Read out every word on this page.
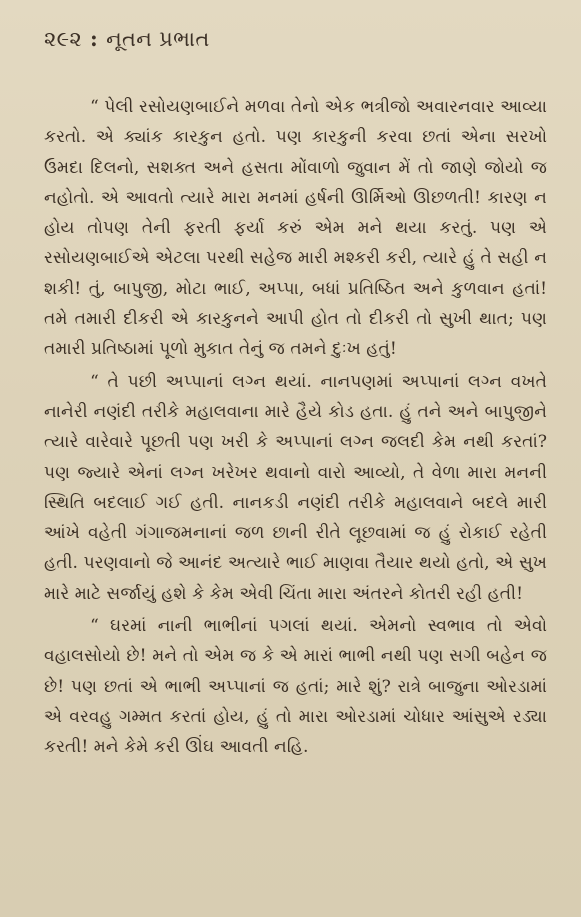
૨૯૨ : નૂતન પ્રભાત

“ પેલી રસોયણબાઈને મળવા તેનો એક ભત્રીજો અવારનવાર આવ્યા કરતો. એ ક્યાંક કારકુન હતો. પણ કારકુની કરવા છતાં એના સરખો ઉમદા દિલનો, સશક્ત અને હસતા મોંવાળો જુવાન મેં તો જાણે જોયો જ નહોતો. એ આવતો ત્યારે મારા મનમાં હર્ષની ઊર્મિઓ ઊછળતી! કારણ ન હોય તોપણ તેની ફરતી ફર્યા કરું એમ મને થયા કરતું. પણ એ રસોયણબાઈએ એટલા પરથી સહેજ મારી મશ્કરી કરી, ત્યારે હું તે સહી ન શકી! તું, બાપુજી, મોટા ભાઈ, અપ્પા, બધાં પ્રતિષ્ઠિત અને કુળવાન હતાં! તમે તમારી દીકરી એ કારકુનને આપી હોત તો દીકરી તો સુખી થાત; પણ તમારી પ્રતિષ્ઠામાં પૂળો મુકાત તેનું જ તમને દુઃખ હતું!

“ તે પછી અપ્પાનાં લગ્ન થયાં. નાનપણમાં અપ્પાનાં લગ્ન વખતે નાનેરી નણંદી તરીકે મહાલવાના મારે હૈયે કોડ હતા. હું તને અને બાપુજીને ત્યારે વારેવારે પૂછતી પણ ખરી કે અપ્પાનાં લગ્ન જલદી કેમ નથી કરતાં? પણ જ્યારે એનાં લગ્ન ખરેખર થવાનો વારો આવ્યો, તે વેળા મારા મનની સ્થિતિ બદલાઈ ગઈ હતી. નાનકડી નણંદી તરીકે મહાલવાને બદલે મારી આંખે વહેતી ગંગાજમનાનાં જળ છાની રીતે લૂછવામાં જ હું રોકાઈ રહેતી હતી. પરણવાનો જે આનંદ અત્યારે ભાઈ માણવા તૈયાર થયો હતો, એ સુખ મારે માટે સર્જાયું હશે કે કેમ એવી ચિંતા મારા અંતરને કોતરી રહી હતી!

“ ઘરમાં નાની ભાભીનાં પગલાં થયાં. એમનો સ્વભાવ તો એવો વહાલસોયો છે! મને તો એમ જ કે એ મારાં ભાભી નથી પણ સગી બહેન જ છે! પણ છતાં એ ભાભી અપ્પાનાં જ હતાં; મારે શું? રાત્રે બાજુના ઓરડામાં એ વરવહુ ગમ્મત કરતાં હોય, હું તો મારા ઓરડામાં ચોધાર આંસુએ રડ્યા કરતી! મને કેમે કરી ઊંઘ આવતી નહિ.
